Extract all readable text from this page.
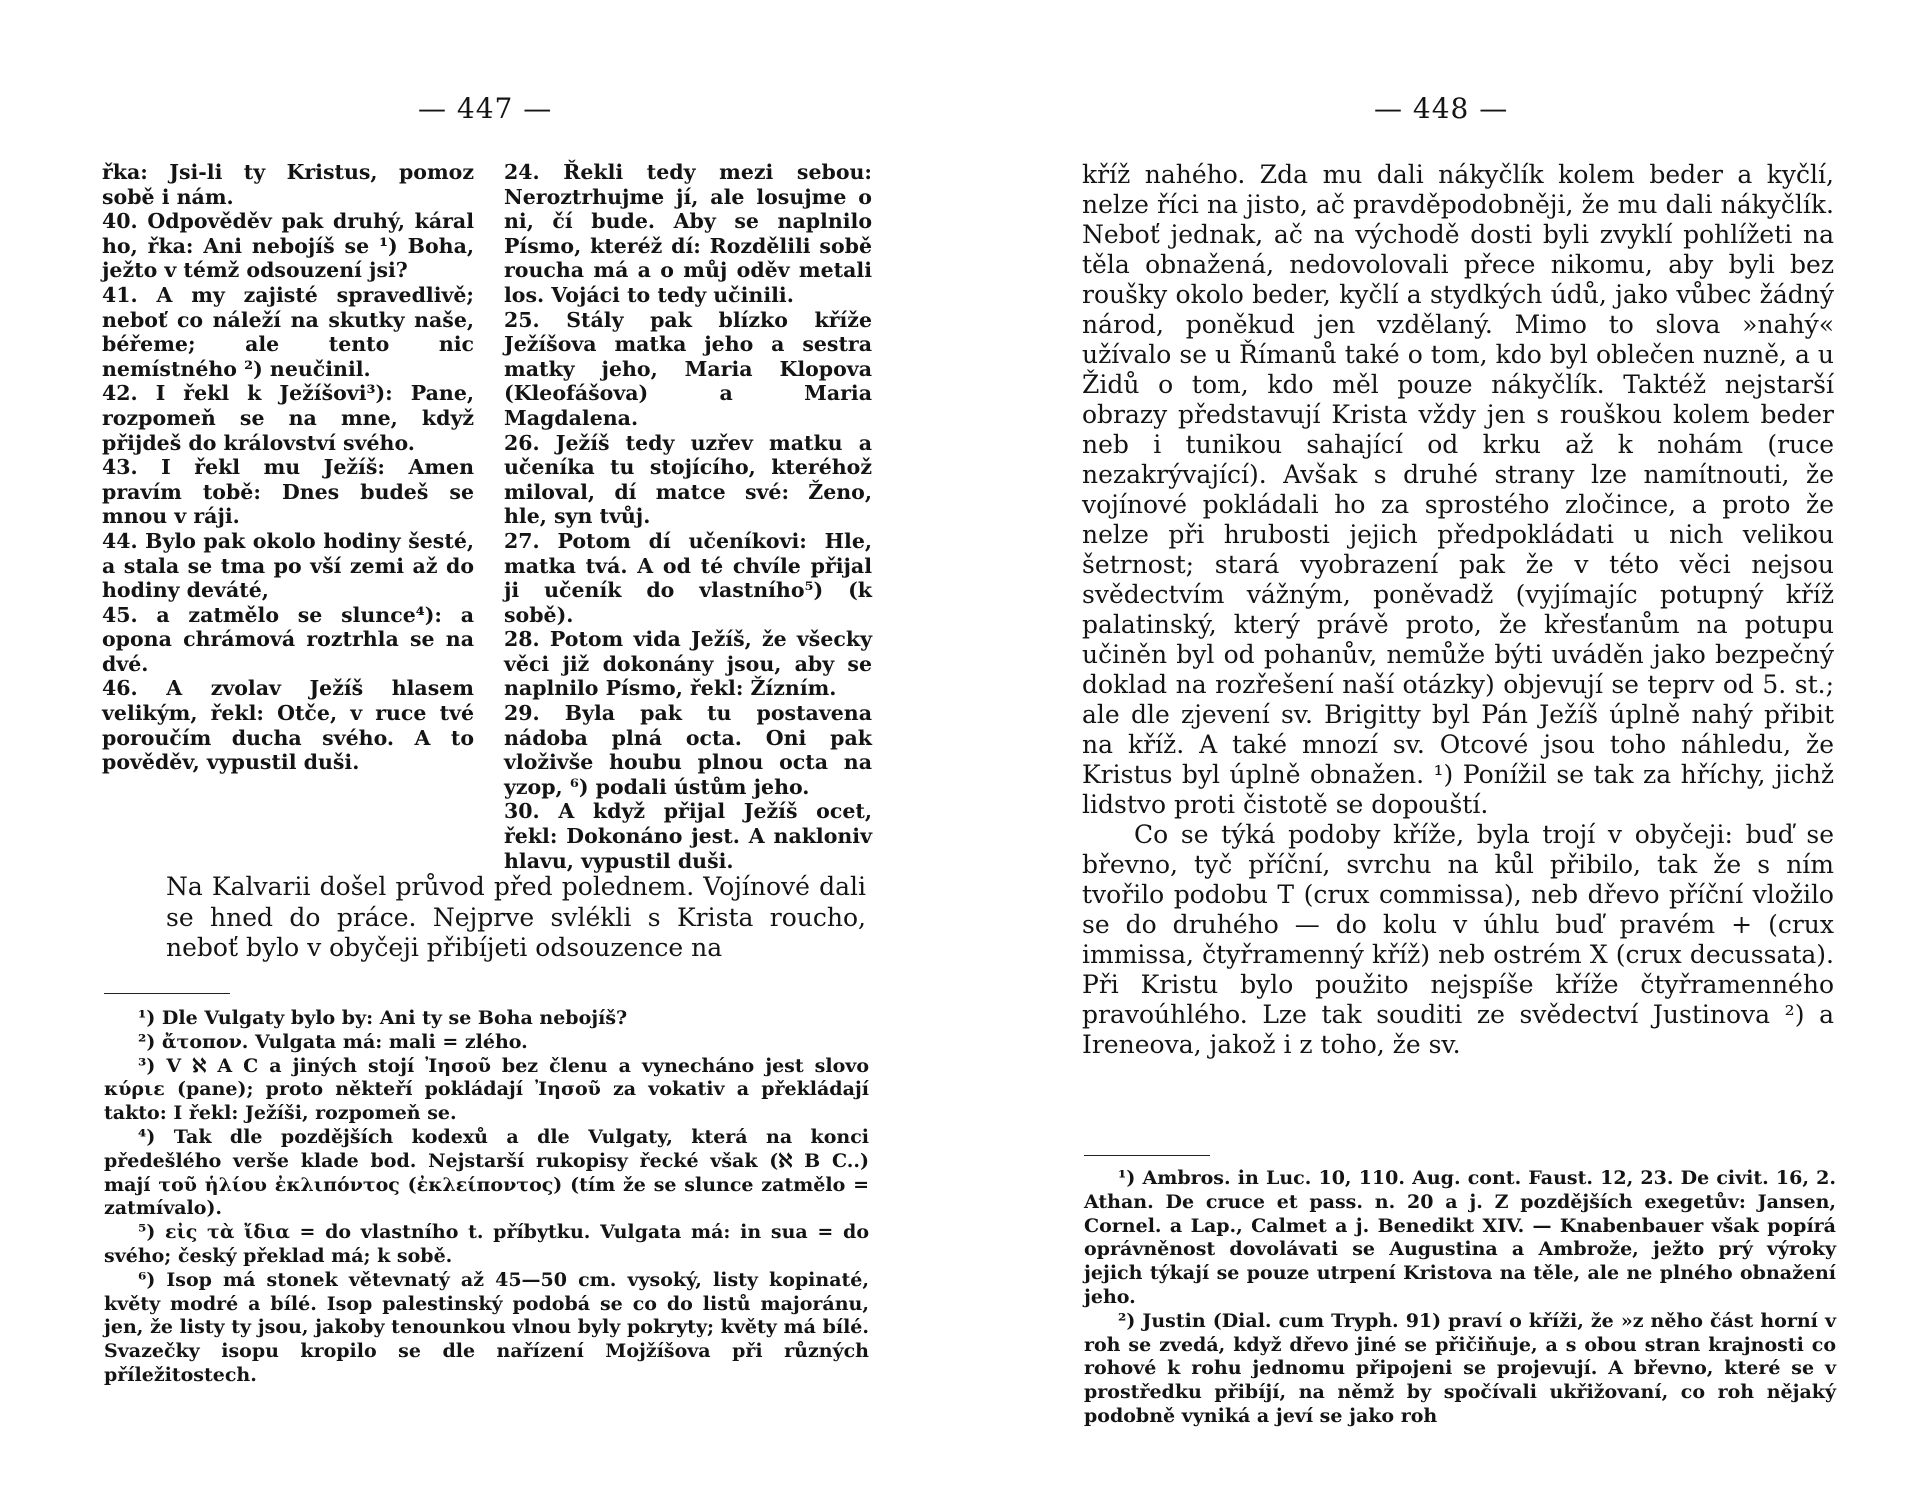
— 447 —

řka: Jsi-li ty Kristus, pomoz sobě i nám.

40. Odpověděv pak druhý, káral ho, řka: Ani nebojíš se ¹) Boha, ježto v témž odsouzení jsi?

41. A my zajisté spravedlivě; neboť co náleží na skutky naše, béřeme; ale tento nic nemístného ²) neučinil.

42. I řekl k Ježíšovi³): Pane, rozpomeň se na mne, když přijdeš do království svého.

43. I řekl mu Ježíš: Amen pravím tobě: Dnes budeš se mnou v ráji.

44. Bylo pak okolo hodiny šesté, a stala se tma po vší zemi až do hodiny deváté,

45. a zatmělo se slunce⁴): a opona chrámová roztrhla se na dvé.

46. A zvolav Ježíš hlasem velikým, řekl: Otče, v ruce tvé poroučím ducha svého. A to pověděv, vypustil duši.

24. Řekli tedy mezi sebou: Neroztrhujme jí, ale losujme o ni, čí bude. Aby se naplnilo Písmo, kteréž dí: Rozdělili sobě roucha má a o můj oděv metali los. Vojáci to tedy učinili.

25. Stály pak blízko kříže Ježíšova matka jeho a sestra matky jeho, Maria Klopova (Kleofášova) a Maria Magdalena.

26. Ježíš tedy uzřev matku a učeníka tu stojícího, kteréhož miloval, dí matce své: Ženo, hle, syn tvůj.

27. Potom dí učeníkovi: Hle, matka tvá. A od té chvíle přijal ji učeník do vlastního⁵) (k sobě).

28. Potom vida Ježíš, že všecky věci již dokonány jsou, aby se naplnilo Písmo, řekl: Žízním.

29. Byla pak tu postavena nádoba plná octa. Oni pak vloživše houbu plnou octa na yzop, ⁶) podali ústům jeho.

30. A když přijal Ježíš ocet, řekl: Dokonáno jest. A nakloniv hlavu, vypustil duši.

Na Kalvarii došel průvod před polednem. Vojínové dali se hned do práce. Nejprve svlékli s Krista roucho, neboť bylo v obyčeji přibíjeti odsouzence na

¹) Dle Vulgaty bylo by: Ani ty se Boha nebojíš?

²) ἄτοπον. Vulgata má: mali = zlého.

³) V ℵ A C a jiných stojí Ἰησοῦ bez členu a vynecháno jest slovo κύριε (pane); proto někteří pokládají Ἰησοῦ za vokativ a překládají takto: I řekl: Ježíši, rozpomeň se.

⁴) Tak dle pozdějších kodexů a dle Vulgaty, která na konci předešlého verše klade bod. Nejstarší rukopisy řecké však (ℵ B C..) mají τοῦ ἡλίου ἐκλιπόντος (ἐκλείποντος) (tím že se slunce zatmělo = zatmívalo).

⁵) εἰς τὰ ἴδια = do vlastního t. příbytku. Vulgata má: in sua = do svého; český překlad má; k sobě.

⁶) Isop má stonek větevnatý až 45—50 cm. vysoký, listy kopinaté, květy modré a bílé. Isop palestinský podobá se co do listů majoránu, jen, že listy ty jsou, jakoby tenounkou vlnou byly pokryty; květy má bílé. Svazečky isopu kropilo se dle nařízení Mojžíšova při různých příležitostech.

— 448 —

kříž nahého. Zda mu dali nákyčlík kolem beder a kyčlí, nelze říci na jisto, ač pravděpodobněji, že mu dali nákyčlík. Neboť jednak, ač na východě dosti byli zvyklí pohlížeti na těla obnažená, nedovolovali přece nikomu, aby byli bez roušky okolo beder, kyčlí a stydkých údů, jako vůbec žádný národ, poněkud jen vzdělaný. Mimo to slova »nahý« užívalo se u Římanů také o tom, kdo byl oblečen nuzně, a u Židů o tom, kdo měl pouze nákyčlík. Taktéž nejstarší obrazy představují Krista vždy jen s rouškou kolem beder neb i tunikou sahající od krku až k nohám (ruce nezakrývající). Avšak s druhé strany lze namítnouti, že vojínové pokládali ho za sprostého zločince, a proto že nelze při hrubosti jejich předpokládati u nich velikou šetrnost; stará vyobrazení pak že v této věci nejsou svědectvím vážným, poněvadž (vyjímajíc potupný kříž palatinský, který právě proto, že křesťanům na potupu učiněn byl od pohanův, nemůže býti uváděn jako bezpečný doklad na rozřešení naší otázky) objevují se teprv od 5. st.; ale dle zjevení sv. Brigitty byl Pán Ježíš úplně nahý přibit na kříž. A také mnozí sv. Otcové jsou toho náhledu, že Kristus byl úplně obnažen. ¹) Ponížil se tak za hříchy, jichž lidstvo proti čistotě se dopouští.

Co se týká podoby kříže, byla trojí v obyčeji: buď se břevno, tyč příční, svrchu na kůl přibilo, tak že s ním tvořilo podobu T (crux commissa), neb dřevo příční vložilo se do druhého — do kolu v úhlu buď pravém + (crux immissa, čtyřramenný kříž) neb ostrém X (crux decussata). Při Kristu bylo použito nejspíše kříže čtyřramenného pravoúhlého. Lze tak souditi ze svědectví Justinova ²) a Ireneova, jakož i z toho, že sv.

¹) Ambros. in Luc. 10, 110. Aug. cont. Faust. 12, 23. De civit. 16, 2. Athan. De cruce et pass. n. 20 a j. Z pozdějších exegetův: Jansen, Cornel. a Lap., Calmet a j. Benedikt XIV. — Knabenbauer však popírá oprávněnost dovolávati se Augustina a Ambrože, ježto prý výroky jejich týkají se pouze utrpení Kristova na těle, ale ne plného obnažení jeho.

²) Justin (Dial. cum Tryph. 91) praví o kříži, že »z něho část horní v roh se zvedá, když dřevo jiné se přičiňuje, a s obou stran krajnosti co rohové k rohu jednomu připojeni se projevují. A břevno, které se v prostředku přibíjí, na němž by spočívali ukřižovaní, co roh nějaký podobně vyniká a jeví se jako roh
